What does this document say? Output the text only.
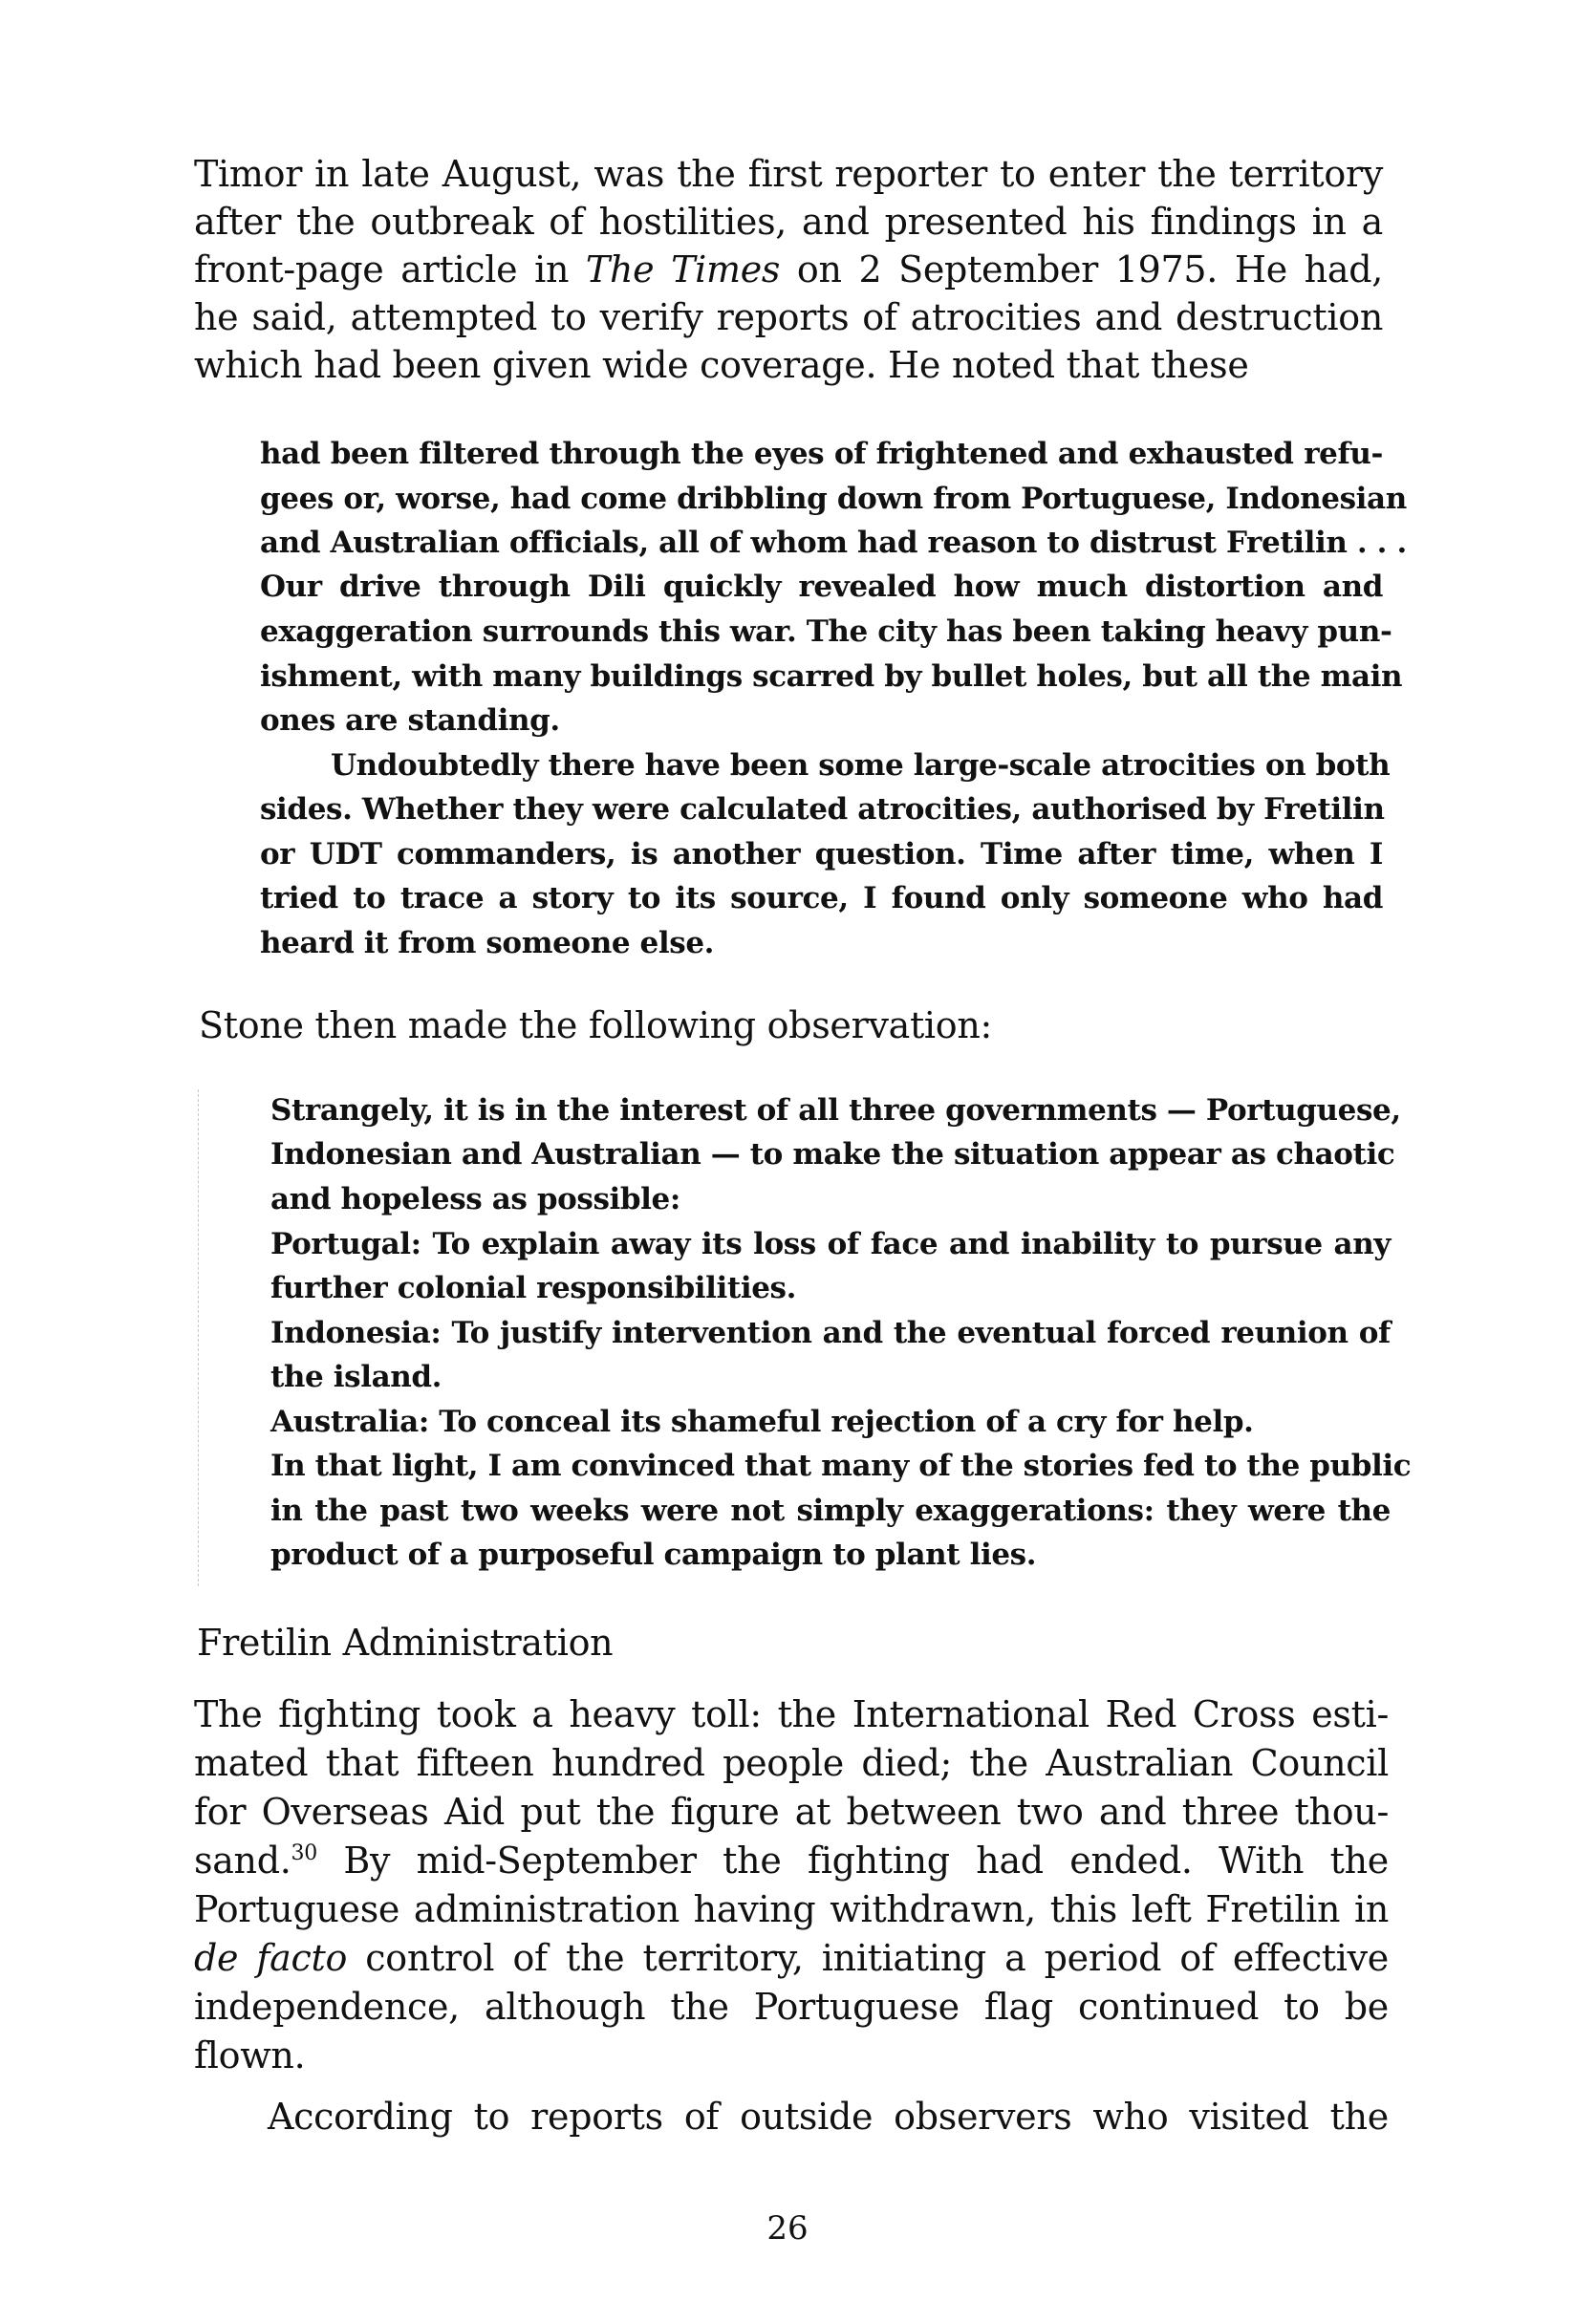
Timor in late August, was the first reporter to enter the territory

after the outbreak of hostilities, and presented his findings in a

front-page article in The Times on 2 September 1975. He had,

he said, attempted to verify reports of atrocities and destruction

which had been given wide coverage. He noted that these

had been filtered through the eyes of frightened and exhausted refu-

gees or, worse, had come dribbling down from Portuguese, Indonesian

and Australian officials, all of whom had reason to distrust Fretilin . . .

Our drive through Dili quickly revealed how much distortion and

exaggeration surrounds this war. The city has been taking heavy pun-

ishment, with many buildings scarred by bullet holes, but all the main

ones are standing.

Undoubtedly there have been some large-scale atrocities on both

sides. Whether they were calculated atrocities, authorised by Fretilin

or UDT commanders, is another question. Time after time, when I

tried to trace a story to its source, I found only someone who had

heard it from someone else.

Stone then made the following observation:

Strangely, it is in the interest of all three governments — Portuguese,

Indonesian and Australian — to make the situation appear as chaotic

and hopeless as possible:

Portugal: To explain away its loss of face and inability to pursue any

further colonial responsibilities.

Indonesia: To justify intervention and the eventual forced reunion of

the island.

Australia: To conceal its shameful rejection of a cry for help.

In that light, I am convinced that many of the stories fed to the public

in the past two weeks were not simply exaggerations: they were the

product of a purposeful campaign to plant lies.

Fretilin Administration

The fighting took a heavy toll: the International Red Cross esti-

mated that fifteen hundred people died; the Australian Council

for Overseas Aid put the figure at between two and three thou-

sand.$^{30}$ By mid-September the fighting had ended. With the

Portuguese administration having withdrawn, this left Fretilin in

de facto control of the territory, initiating a period of effective

independence, although the Portuguese flag continued to be

flown.

According to reports of outside observers who visited the

26
